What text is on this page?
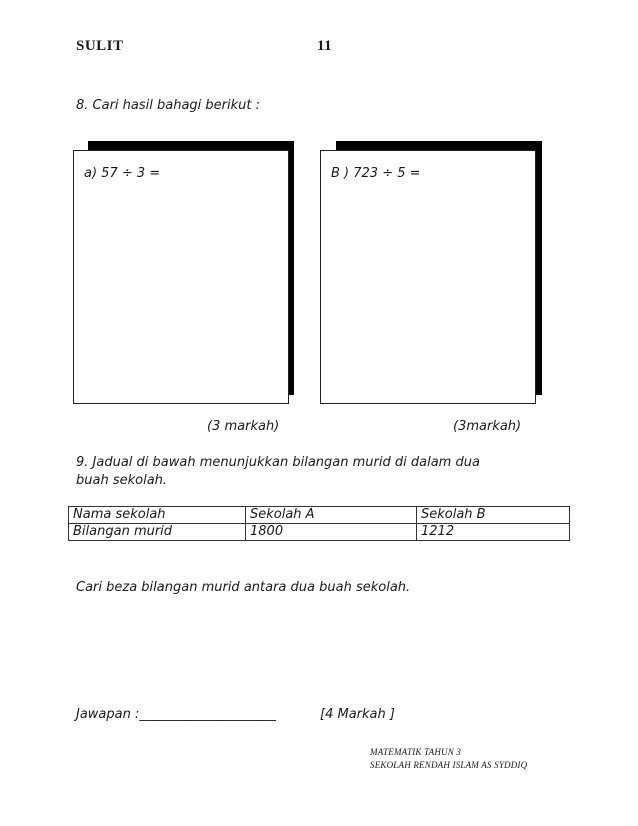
SULIT	11
8. Cari hasil bahagi berikut :
a) 57 ÷ 3 =	B ) 723 ÷ 5 =
(3 markah)	(3markah)
9. Jadual di bawah menunjukkan bilangan murid di dalam dua
buah sekolah.
Nama sekolah	Sekolah A	Sekolah B
Bilangan murid	1800	1212
Cari beza bilangan murid antara dua buah sekolah.
Jawapan :_____________________	[4 Markah ]
MATEMATIK TAHUN 3
SEKOLAH RENDAH ISLAM AS SYDDIQ
